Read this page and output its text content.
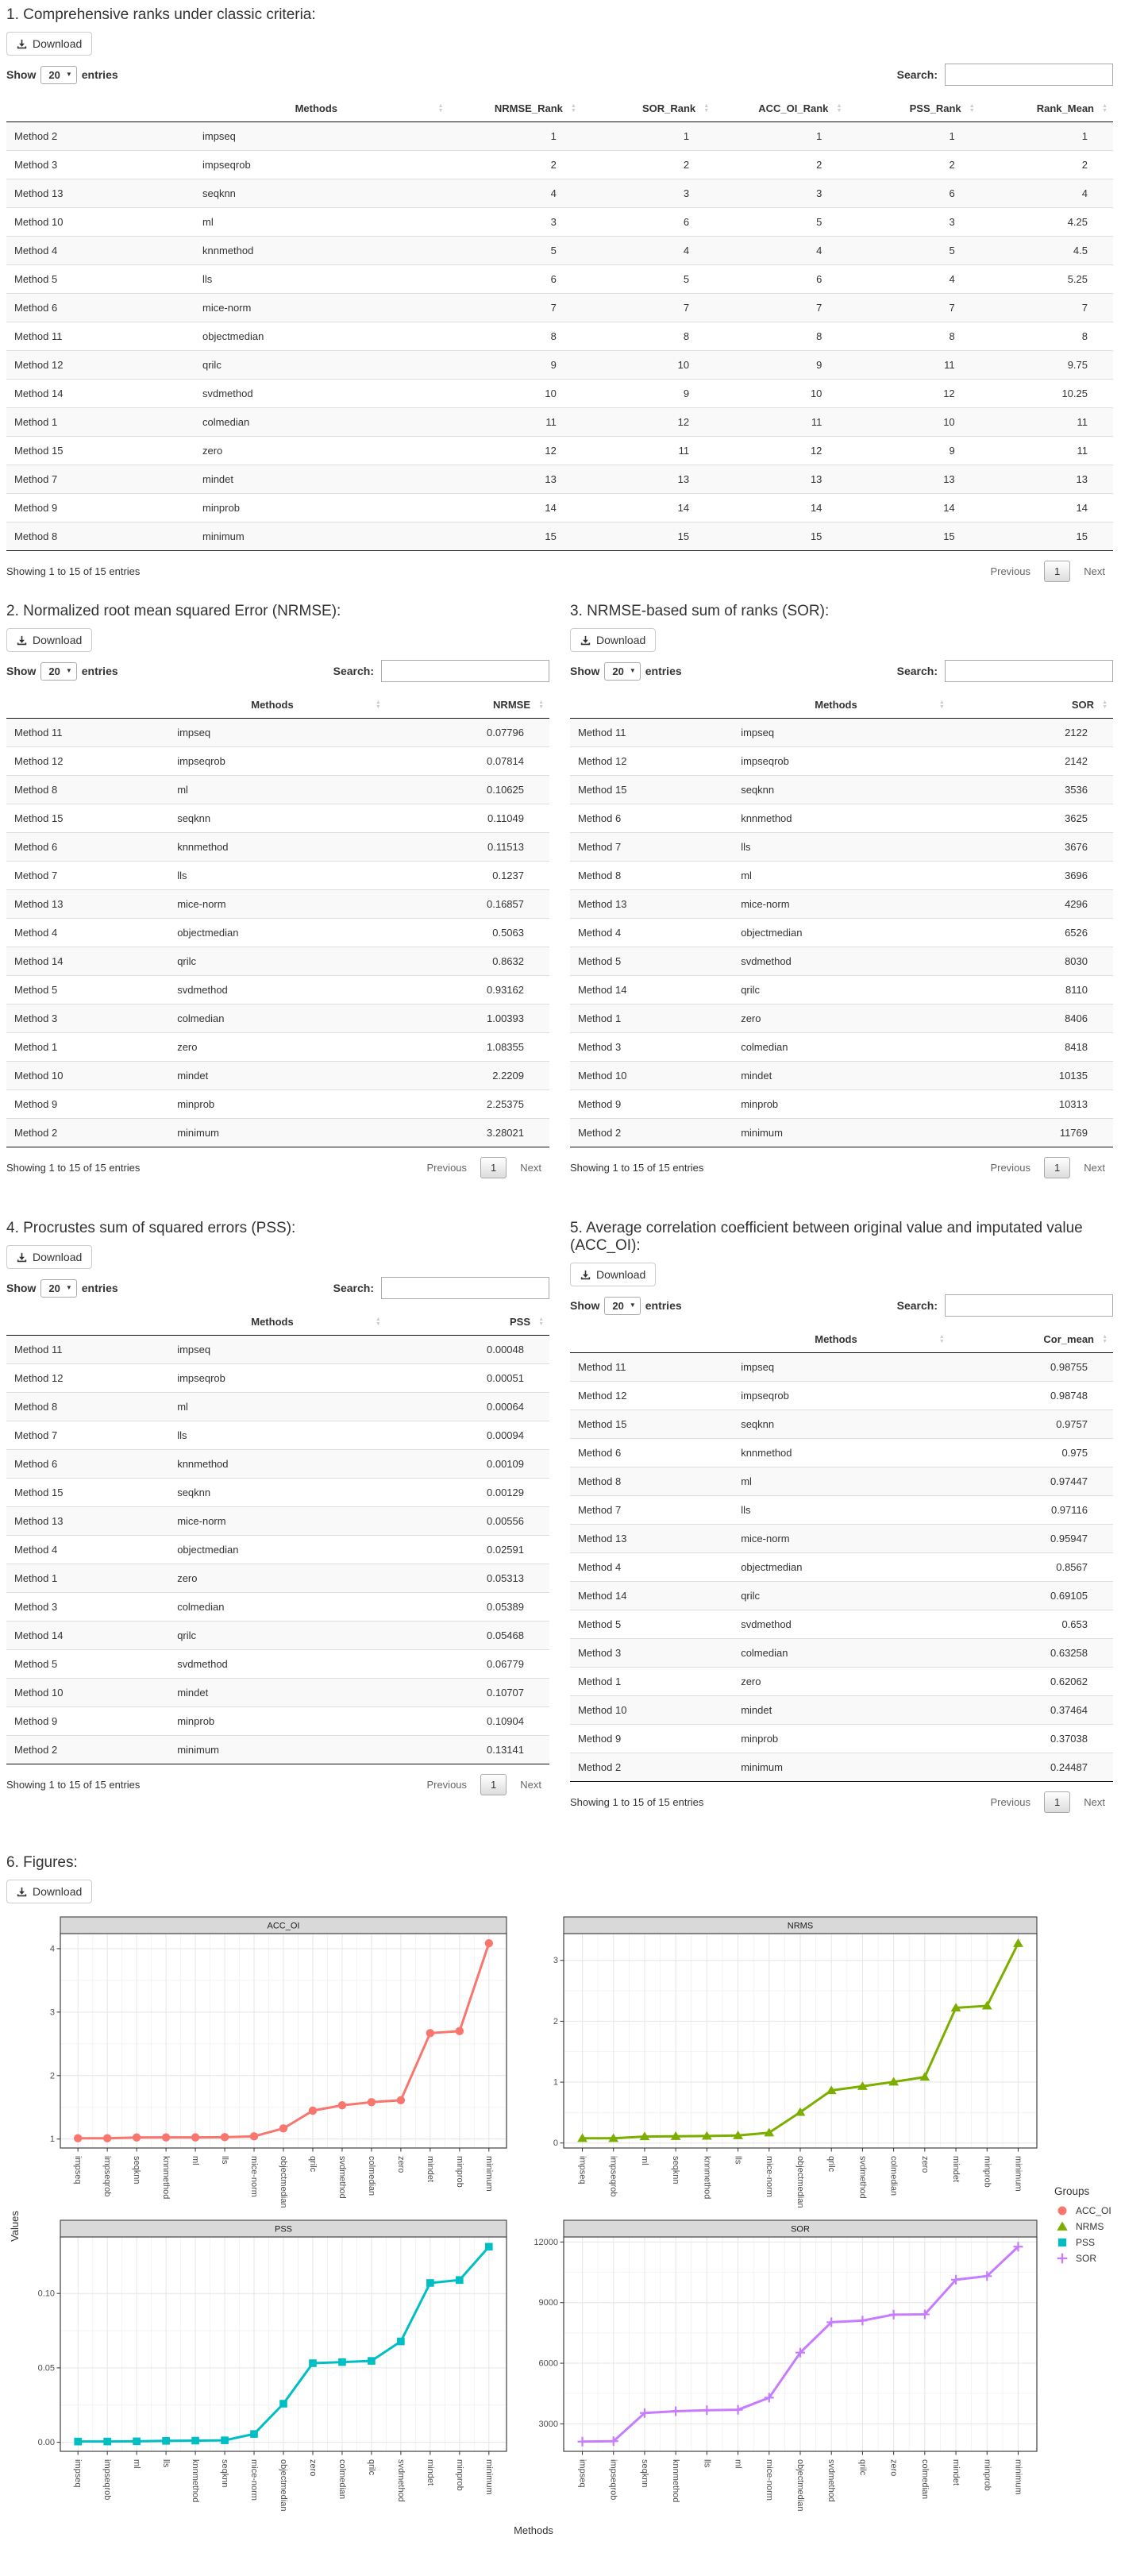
1. Comprehensive ranks under classic criteria:
Download
Show 20 ▼ entries	Search:
	Methods ▲
▼	NRMSE_Rank ▲
▼	SOR_Rank ▲
▼	ACC_OI_Rank ▲
▼	PSS_Rank ▲
▼	Rank_Mean ▲
▼

Method 2	impseq	1	1	1	1	1
Method 3	impseqrob	2	2	2	2	2
Method 13	seqknn	4	3	3	6	4
Method 10	ml	3	6	5	3	4.25
Method 4	knnmethod	5	4	4	5	4.5
Method 5	lls	6	5	6	4	5.25
Method 6	mice-norm	7	7	7	7	7
Method 11	objectmedian	8	8	8	8	8
Method 12	qrilc	9	10	9	11	9.75
Method 14	svdmethod	10	9	10	12	10.25
Method 1	colmedian	11	12	11	10	11
Method 15	zero	12	11	12	9	11
Method 7	mindet	13	13	13	13	13
Method 9	minprob	14	14	14	14	14
Method 8	minimum	15	15	15	15	15
Showing 1 to 15 of 15 entries	Previous	1	Next
2. Normalized root mean squared Error (NRMSE):
Download
Show 20 ▼ entries	Search:
	Methods ▲
▼	NRMSE ▲
▼

Method 11	impseq	0.07796
Method 12	impseqrob	0.07814
Method 8	ml	0.10625
Method 15	seqknn	0.11049
Method 6	knnmethod	0.11513
Method 7	lls	0.1237
Method 13	mice-norm	0.16857
Method 4	objectmedian	0.5063
Method 14	qrilc	0.8632
Method 5	svdmethod	0.93162
Method 3	colmedian	1.00393
Method 1	zero	1.08355
Method 10	mindet	2.2209
Method 9	minprob	2.25375
Method 2	minimum	3.28021
Showing 1 to 15 of 15 entries	Previous	1	Next
3. NRMSE-based sum of ranks (SOR):
Download
Show 20 ▼ entries	Search:
	Methods ▲
▼	SOR ▲
▼

Method 11	impseq	2122
Method 12	impseqrob	2142
Method 15	seqknn	3536
Method 6	knnmethod	3625
Method 7	lls	3676
Method 8	ml	3696
Method 13	mice-norm	4296
Method 4	objectmedian	6526
Method 5	svdmethod	8030
Method 14	qrilc	8110
Method 1	zero	8406
Method 3	colmedian	8418
Method 10	mindet	10135
Method 9	minprob	10313
Method 2	minimum	11769
Showing 1 to 15 of 15 entries	Previous	1	Next
4. Procrustes sum of squared errors (PSS):
Download
Show 20 ▼ entries	Search:
	Methods ▲
▼	PSS ▲
▼

Method 11	impseq	0.00048
Method 12	impseqrob	0.00051
Method 8	ml	0.00064
Method 7	lls	0.00094
Method 6	knnmethod	0.00109
Method 15	seqknn	0.00129
Method 13	mice-norm	0.00556
Method 4	objectmedian	0.02591
Method 1	zero	0.05313
Method 3	colmedian	0.05389
Method 14	qrilc	0.05468
Method 5	svdmethod	0.06779
Method 10	mindet	0.10707
Method 9	minprob	0.10904
Method 2	minimum	0.13141
Showing 1 to 15 of 15 entries	Previous	1	Next
5. Average correlation coefficient between original value and imputated value (ACC_OI):
Download
Show 20 ▼ entries	Search:
	Methods ▲
▼	Cor_mean ▲
▼

Method 11	impseq	0.98755
Method 12	impseqrob	0.98748
Method 15	seqknn	0.9757
Method 6	knnmethod	0.975
Method 8	ml	0.97447
Method 7	lls	0.97116
Method 13	mice-norm	0.95947
Method 4	objectmedian	0.8567
Method 14	qrilc	0.69105
Method 5	svdmethod	0.653
Method 3	colmedian	0.63258
Method 1	zero	0.62062
Method 10	mindet	0.37464
Method 9	minprob	0.37038
Method 2	minimum	0.24487
Showing 1 to 15 of 15 entries	Previous	1	Next
6. Figures:
Download
Values
1
2
3
4
impseq impseqrob seqknn knnmethod ml lls mice-norm objectmedian qrilc svdmethod colmedian zero mindet minprob minimum
ACC_OI
0
1
2
3
impseq impseqrob ml seqknn knnmethod lls mice-norm objectmedian qrilc svdmethod colmedian zero mindet minprob minimum
NRMS
0.00
0.05
0.10
impseq impseqrob ml lls knnmethod seqknn mice-norm objectmedian zero colmedian qrilc svdmethod mindet minprob minimum
PSS
3000
6000
9000
12000
impseq impseqrob seqknn knnmethod lls ml mice-norm objectmedian svdmethod qrilc zero colmedian mindet minprob minimum
SOR
Methods
Groups
ACC_OI
NRMS
PSS
SOR
